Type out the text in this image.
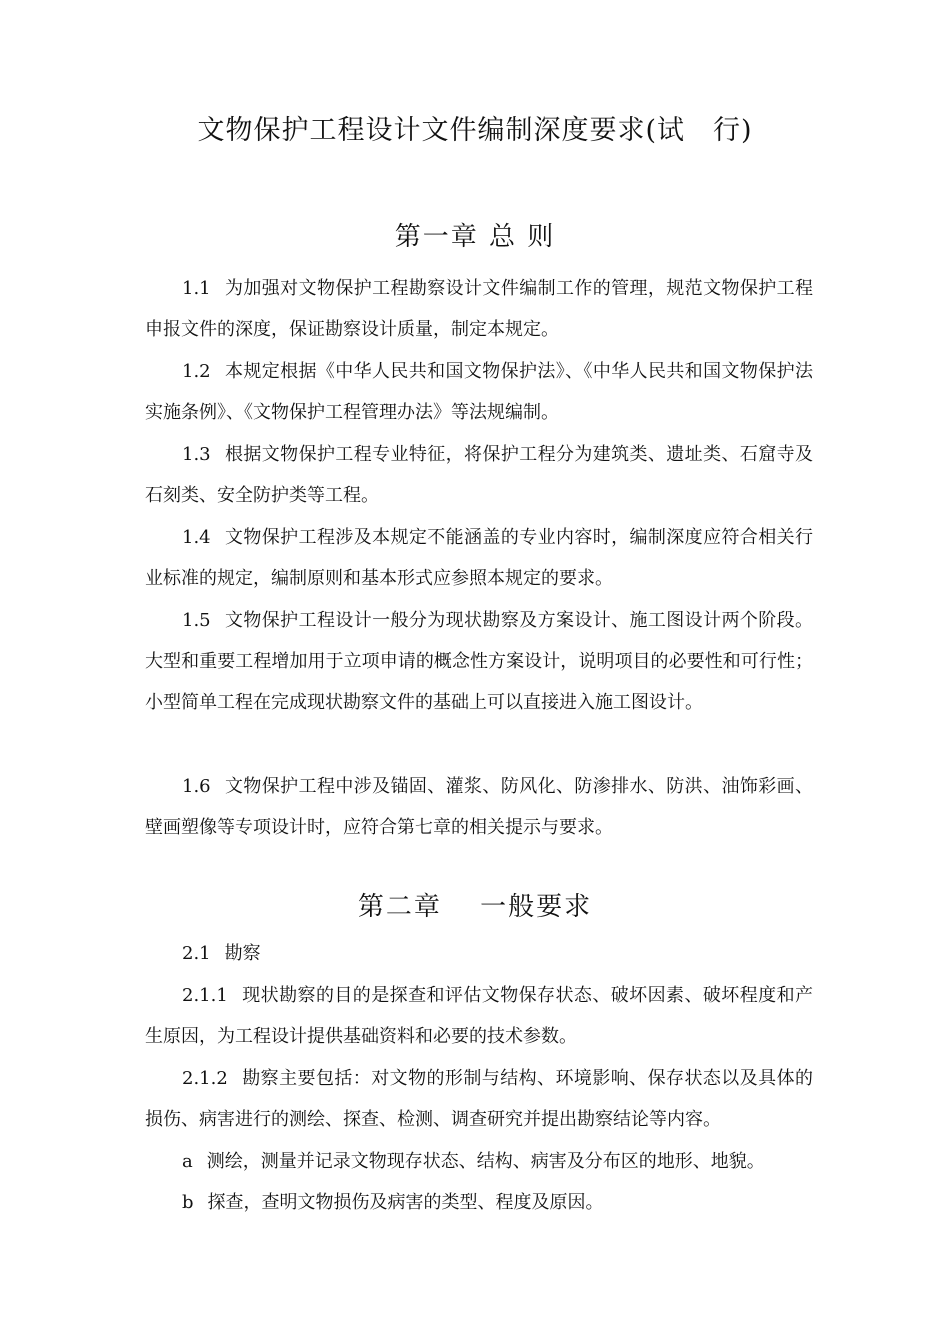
文物保护工程设计文件编制深度要求(试　行)
第一章 总 则

1.1 为加强对文物保护工程勘察设计文件编制工作的管理，规范文物保护工程申报文件的深度，保证勘察设计质量，制定本规定。

1.2 本规定根据《中华人民共和国文物保护法》、《中华人民共和国文物保护法实施条例》、《文物保护工程管理办法》等法规编制。

1.3 根据文物保护工程专业特征，将保护工程分为建筑类、遗址类、石窟寺及石刻类、安全防护类等工程。

1.4 文物保护工程涉及本规定不能涵盖的专业内容时，编制深度应符合相关行业标准的规定，编制原则和基本形式应参照本规定的要求。

1.5 文物保护工程设计一般分为现状勘察及方案设计、施工图设计两个阶段。大型和重要工程增加用于立项申请的概念性方案设计，说明项目的必要性和可行性；小型简单工程在完成现状勘察文件的基础上可以直接进入施工图设计。

1.6 文物保护工程中涉及锚固、灌浆、防风化、防渗排水、防洪、油饰彩画、壁画塑像等专项设计时，应符合第七章的相关提示与要求。

第二章　 一般要求

2.1 勘察

2.1.1 现状勘察的目的是探查和评估文物保存状态、破坏因素、破坏程度和产生原因，为工程设计提供基础资料和必要的技术参数。

2.1.2 勘察主要包括：对文物的形制与结构、环境影响、保存状态以及具体的损伤、病害进行的测绘、探查、检测、调查研究并提出勘察结论等内容。

a 测绘，测量并记录文物现存状态、结构、病害及分布区的地形、地貌。

b 探查，查明文物损伤及病害的类型、程度及原因。
